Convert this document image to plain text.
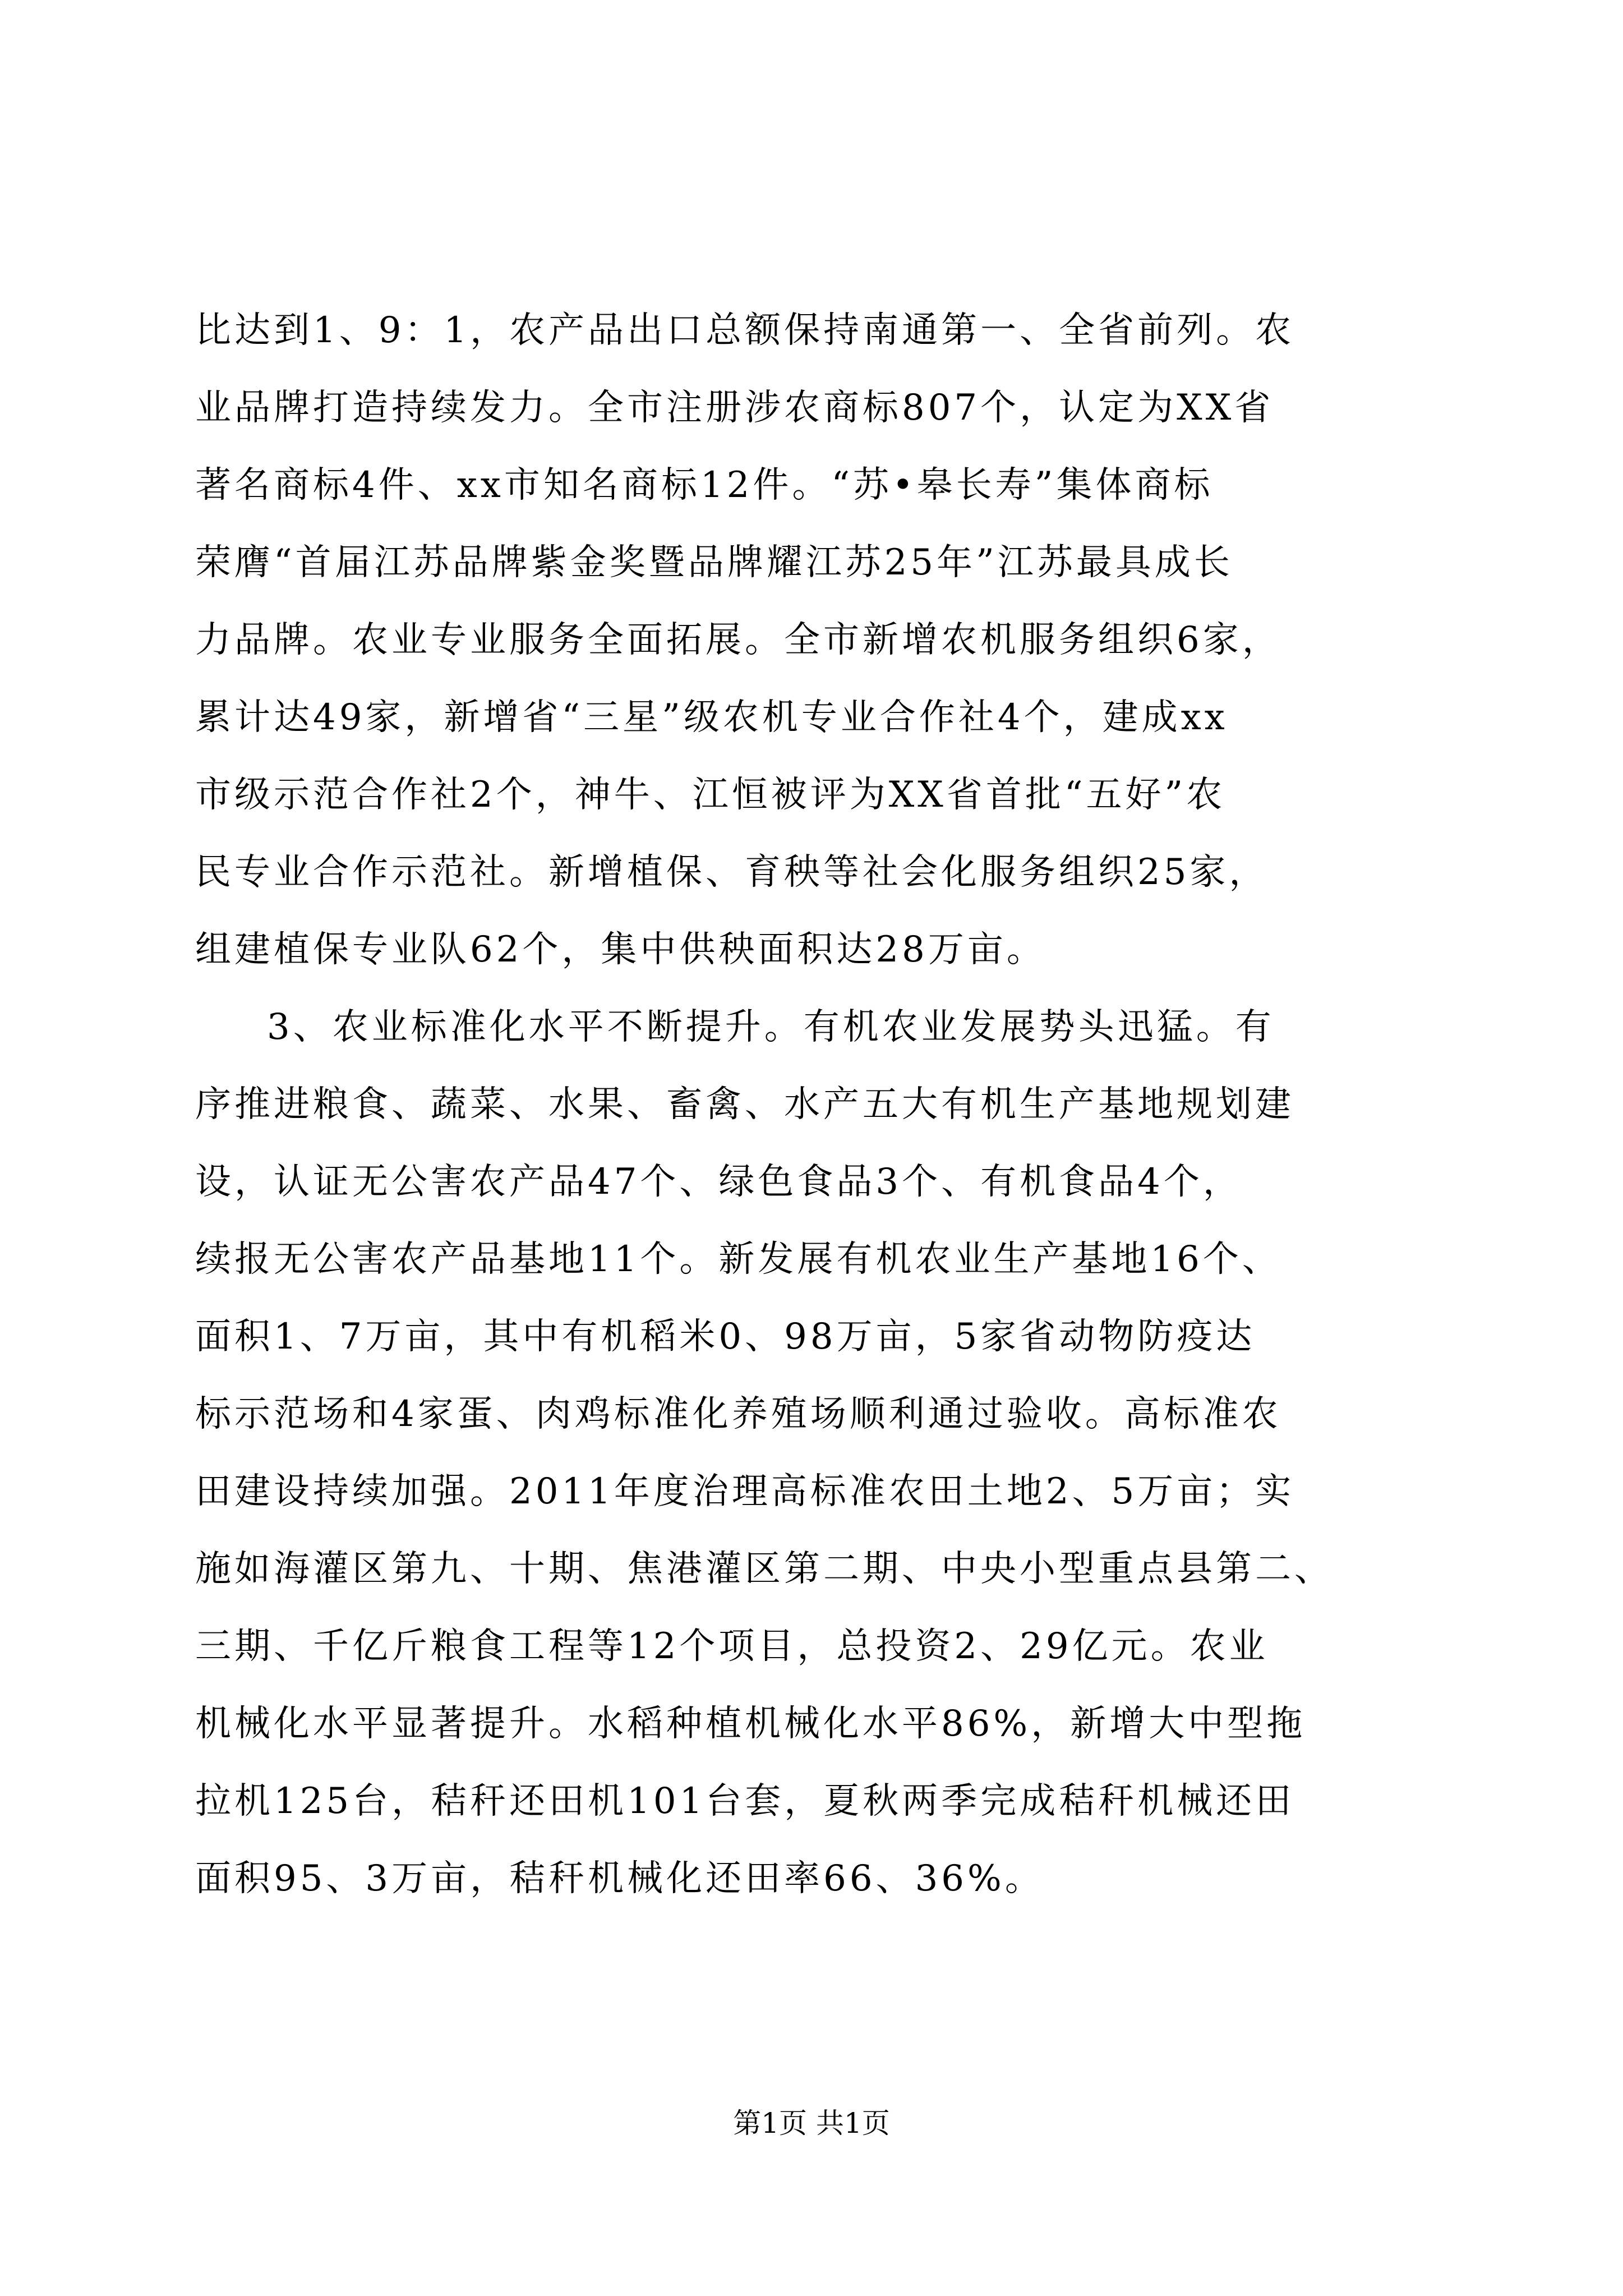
比达到1、9：1，农产品出口总额保持南通第一、全省前列。农
业品牌打造持续发力。全市注册涉农商标807个，认定为XX省
著名商标4件、xx市知名商标12件。“苏•皋长寿”集体商标
荣膺“首届江苏品牌紫金奖暨品牌耀江苏25年”江苏最具成长
力品牌。农业专业服务全面拓展。全市新增农机服务组织6家，
累计达49家，新增省“三星”级农机专业合作社4个，建成xx
市级示范合作社2个，神牛、江恒被评为XX省首批“五好”农
民专业合作示范社。新增植保、育秧等社会化服务组织25家，
组建植保专业队62个，集中供秧面积达28万亩。
3、农业标准化水平不断提升。有机农业发展势头迅猛。有
序推进粮食、蔬菜、水果、畜禽、水产五大有机生产基地规划建
设，认证无公害农产品47个、绿色食品3个、有机食品4个，
续报无公害农产品基地11个。新发展有机农业生产基地16个、
面积1、7万亩，其中有机稻米0、98万亩，5家省动物防疫达
标示范场和4家蛋、肉鸡标准化养殖场顺利通过验收。高标准农
田建设持续加强。2011年度治理高标准农田土地2、5万亩；实
施如海灌区第九、十期、焦港灌区第二期、中央小型重点县第二、
三期、千亿斤粮食工程等12个项目，总投资2、29亿元。农业
机械化水平显著提升。水稻种植机械化水平86%，新增大中型拖
拉机125台，秸秆还田机101台套，夏秋两季完成秸秆机械还田
面积95、3万亩，秸秆机械化还田率66、36%。
第1页 共1页
